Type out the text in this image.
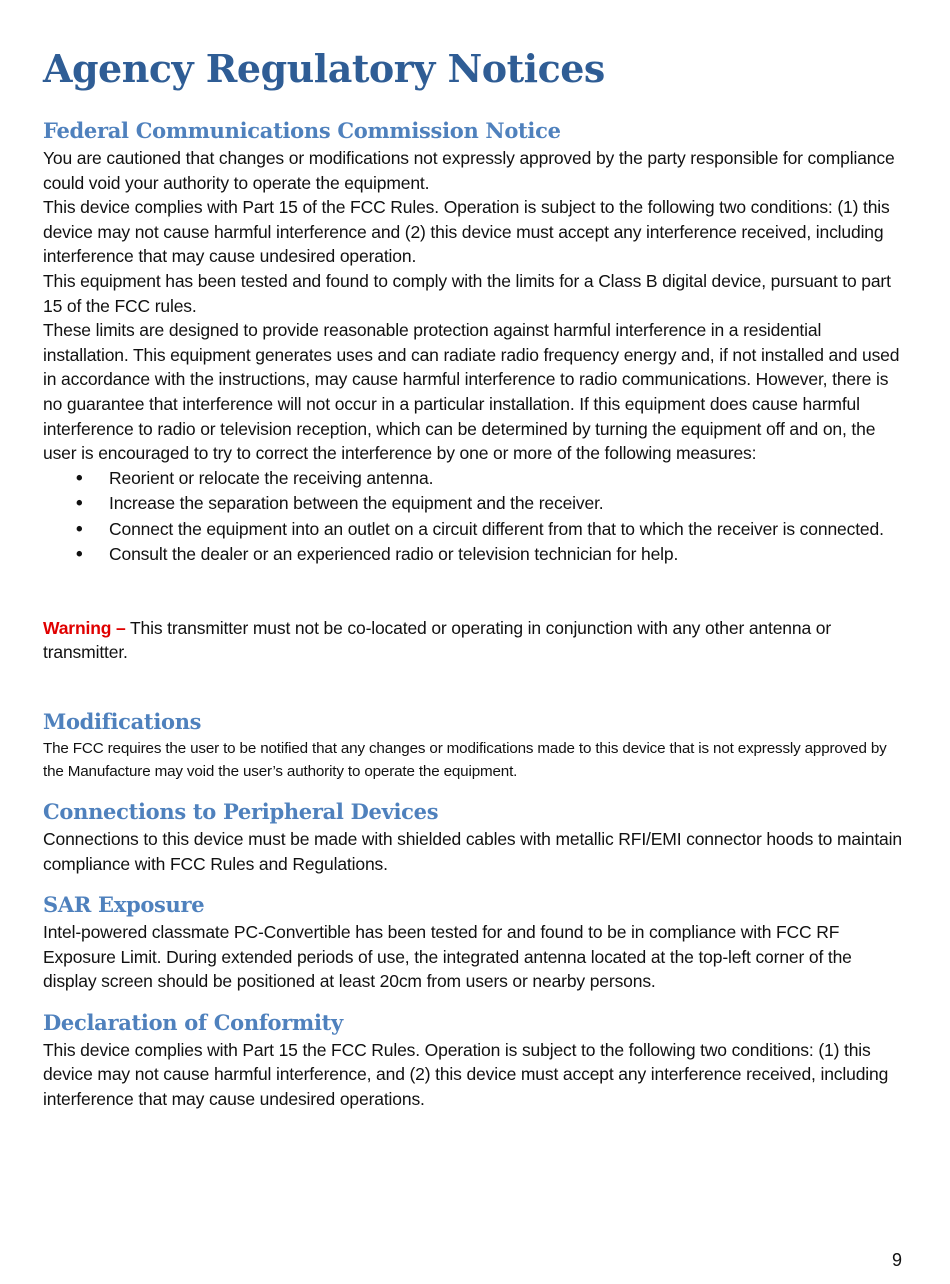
Agency Regulatory Notices
Federal Communications Commission Notice

You are cautioned that changes or modifications not expressly approved by the party responsible for compliance could void your authority to operate the equipment.

This device complies with Part 15 of the FCC Rules. Operation is subject to the following two conditions: (1) this device may not cause harmful interference and (2) this device must accept any interference received, including interference that may cause undesired operation.

This equipment has been tested and found to comply with the limits for a Class B digital device, pursuant to part 15 of the FCC rules.

These limits are designed to provide reasonable protection against harmful interference in a residential installation. This equipment generates uses and can radiate radio frequency energy and, if not installed and used in accordance with the instructions, may cause harmful interference to radio communications. However, there is no guarantee that interference will not occur in a particular installation. If this equipment does cause harmful interference to radio or television reception, which can be determined by turning the equipment off and on, the user is encouraged to try to correct the interference by one or more of the following measures:

• Reorient or relocate the receiving antenna.
• Increase the separation between the equipment and the receiver.
• Connect the equipment into an outlet on a circuit different from that to which the receiver is connected.
• Consult the dealer or an experienced radio or television technician for help.

Warning – This transmitter must not be co-located or operating in conjunction with any other antenna or transmitter.

Modifications

The FCC requires the user to be notified that any changes or modifications made to this device that is not expressly approved by the Manufacture may void the user’s authority to operate the equipment.

Connections to Peripheral Devices

Connections to this device must be made with shielded cables with metallic RFI/EMI connector hoods to maintain compliance with FCC Rules and Regulations.

SAR Exposure

Intel-powered classmate PC-Convertible has been tested for and found to be in compliance with FCC RF Exposure Limit. During extended periods of use, the integrated antenna located at the top-left corner of the display screen should be positioned at least 20cm from users or nearby persons.

Declaration of Conformity

This device complies with Part 15 the FCC Rules. Operation is subject to the following two conditions: (1) this device may not cause harmful interference, and (2) this device must accept any interference received, including interference that may cause undesired operations.

9
